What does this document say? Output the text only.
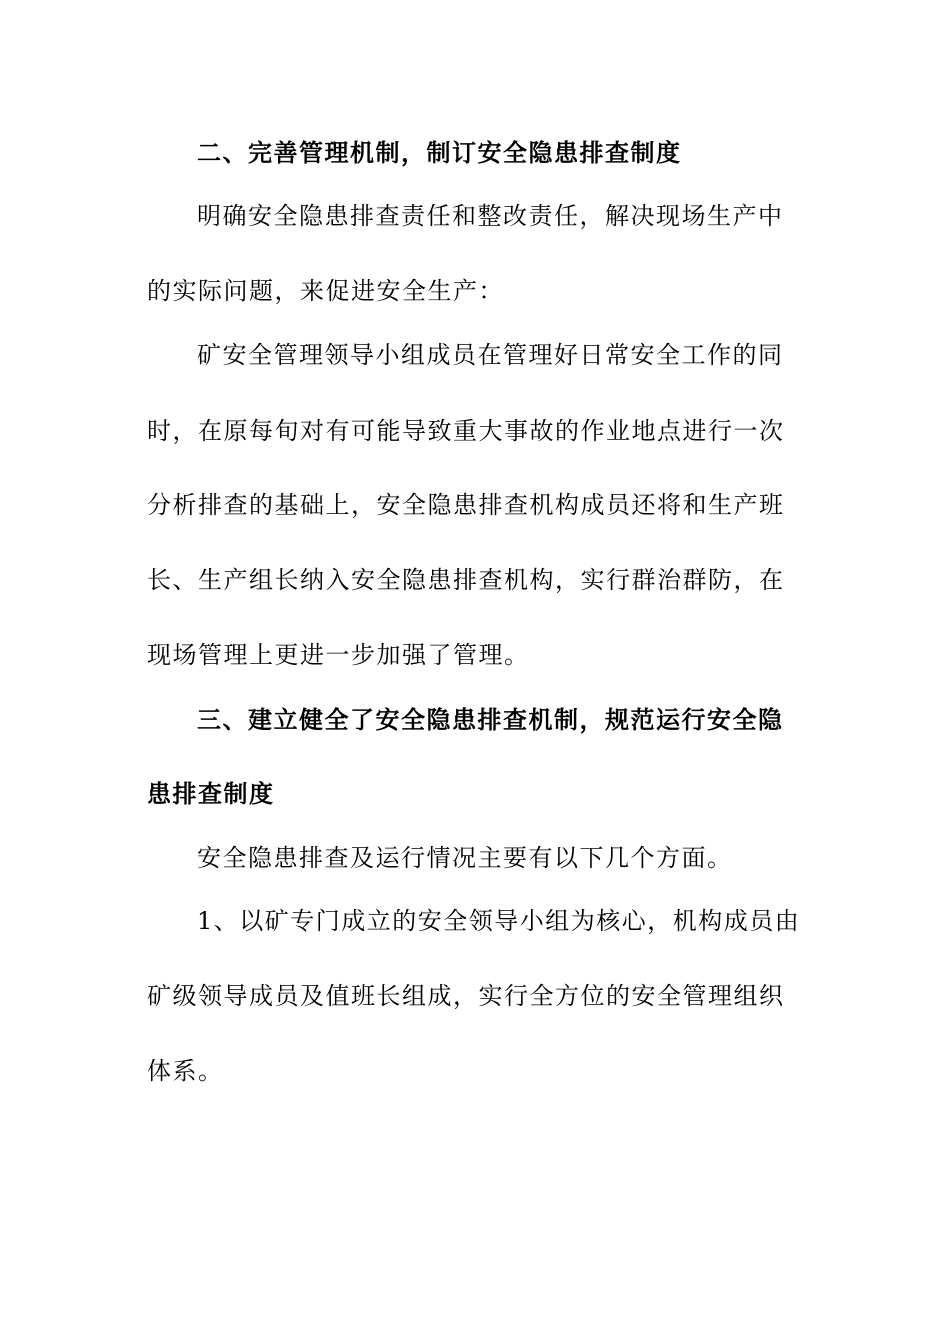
二、完善管理机制，制订安全隐患排查制度
明确安全隐患排查责任和整改责任，解决现场生产中
的实际问题，来促进安全生产：
矿安全管理领导小组成员在管理好日常安全工作的同
时，在原每旬对有可能导致重大事故的作业地点进行一次
分析排查的基础上，安全隐患排查机构成员还将和生产班
长、生产组长纳入安全隐患排查机构，实行群治群防，在
现场管理上更进一步加强了管理。
三、建立健全了安全隐患排查机制，规范运行安全隐
患排查制度
安全隐患排查及运行情况主要有以下几个方面。
1、以矿专门成立的安全领导小组为核心，机构成员由
矿级领导成员及值班长组成，实行全方位的安全管理组织
体系。
